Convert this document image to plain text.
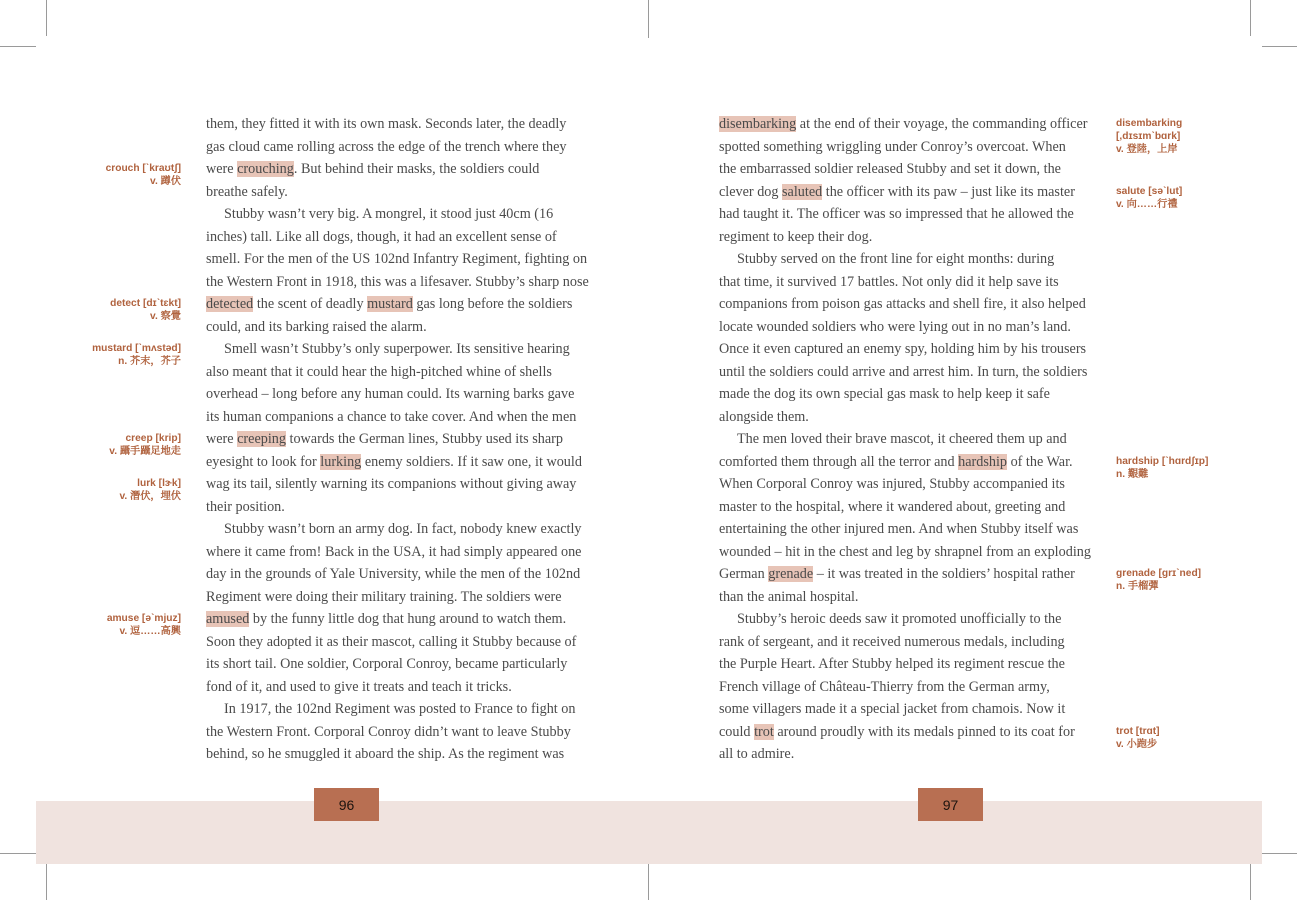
96	97
them, they fitted it with its own mask. Seconds later, the deadly
gas cloud came rolling across the edge of the trench where they
were crouching. But behind their masks, the soldiers could
breathe safely.
Stubby wasn’t very big. A mongrel, it stood just 40cm (16
inches) tall. Like all dogs, though, it had an excellent sense of
smell. For the men of the US 102nd Infantry Regiment, fighting on
the Western Front in 1918, this was a lifesaver. Stubby’s sharp nose
detected the scent of deadly mustard gas long before the soldiers
could, and its barking raised the alarm.
Smell wasn’t Stubby’s only superpower. Its sensitive hearing
also meant that it could hear the high-pitched whine of shells
overhead – long before any human could. Its warning barks gave
its human companions a chance to take cover. And when the men
were creeping towards the German lines, Stubby used its sharp
eyesight to look for lurking enemy soldiers. If it saw one, it would
wag its tail, silently warning its companions without giving away
their position.
Stubby wasn’t born an army dog. In fact, nobody knew exactly
where it came from! Back in the USA, it had simply appeared one
day in the grounds of Yale University, while the men of the 102nd
Regiment were doing their military training. The soldiers were
amused by the funny little dog that hung around to watch them.
Soon they adopted it as their mascot, calling it Stubby because of
its short tail. One soldier, Corporal Conroy, became particularly
fond of it, and used to give it treats and teach it tricks.
In 1917, the 102nd Regiment was posted to France to fight on
the Western Front. Corporal Conroy didn’t want to leave Stubby
behind, so he smuggled it aboard the ship. As the regiment was
disembarking at the end of their voyage, the commanding officer
spotted something wriggling under Conroy’s overcoat. When
the embarrassed soldier released Stubby and set it down, the
clever dog saluted the officer with its paw – just like its master
had taught it. The officer was so impressed that he allowed the
regiment to keep their dog.
Stubby served on the front line for eight months: during
that time, it survived 17 battles. Not only did it help save its
companions from poison gas attacks and shell fire, it also helped
locate wounded soldiers who were lying out in no man’s land.
Once it even captured an enemy spy, holding him by his trousers
until the soldiers could arrive and arrest him. In turn, the soldiers
made the dog its own special gas mask to help keep it safe
alongside them.
The men loved their brave mascot, it cheered them up and
comforted them through all the terror and hardship of the War.
When Corporal Conroy was injured, Stubby accompanied its
master to the hospital, where it wandered about, greeting and
entertaining the other injured men. And when Stubby itself was
wounded – hit in the chest and leg by shrapnel from an exploding
German grenade – it was treated in the soldiers’ hospital rather
than the animal hospital.
Stubby’s heroic deeds saw it promoted unofficially to the
rank of sergeant, and it received numerous medals, including
the Purple Heart. After Stubby helped its regiment rescue the
French village of Château-Thierry from the German army,
some villagers made it a special jacket from chamois. Now it
could trot around proudly with its medals pinned to its coat for
all to admire.
crouch [ˋkraʊtʃ]
v. 蹲伏
detect [dɪˋtɛkt]
v. 察覺
mustard [ˋmʌstəd]
n. 芥末，芥子
creep [krip]
v. 躡手躡足地走
lurk [lɝk]
v. 潛伏，埋伏
amuse [əˋmjuz]
v. 逗……高興
disembarking
[,dɪsɪmˋbɑrk]
v. 登陸，上岸
salute [səˋlut]
v. 向……行禮
hardship [ˋhɑrdʃɪp]
n. 艱難
grenade [grɪˋned]
n. 手榴彈
trot [trɑt]
v. 小跑步
